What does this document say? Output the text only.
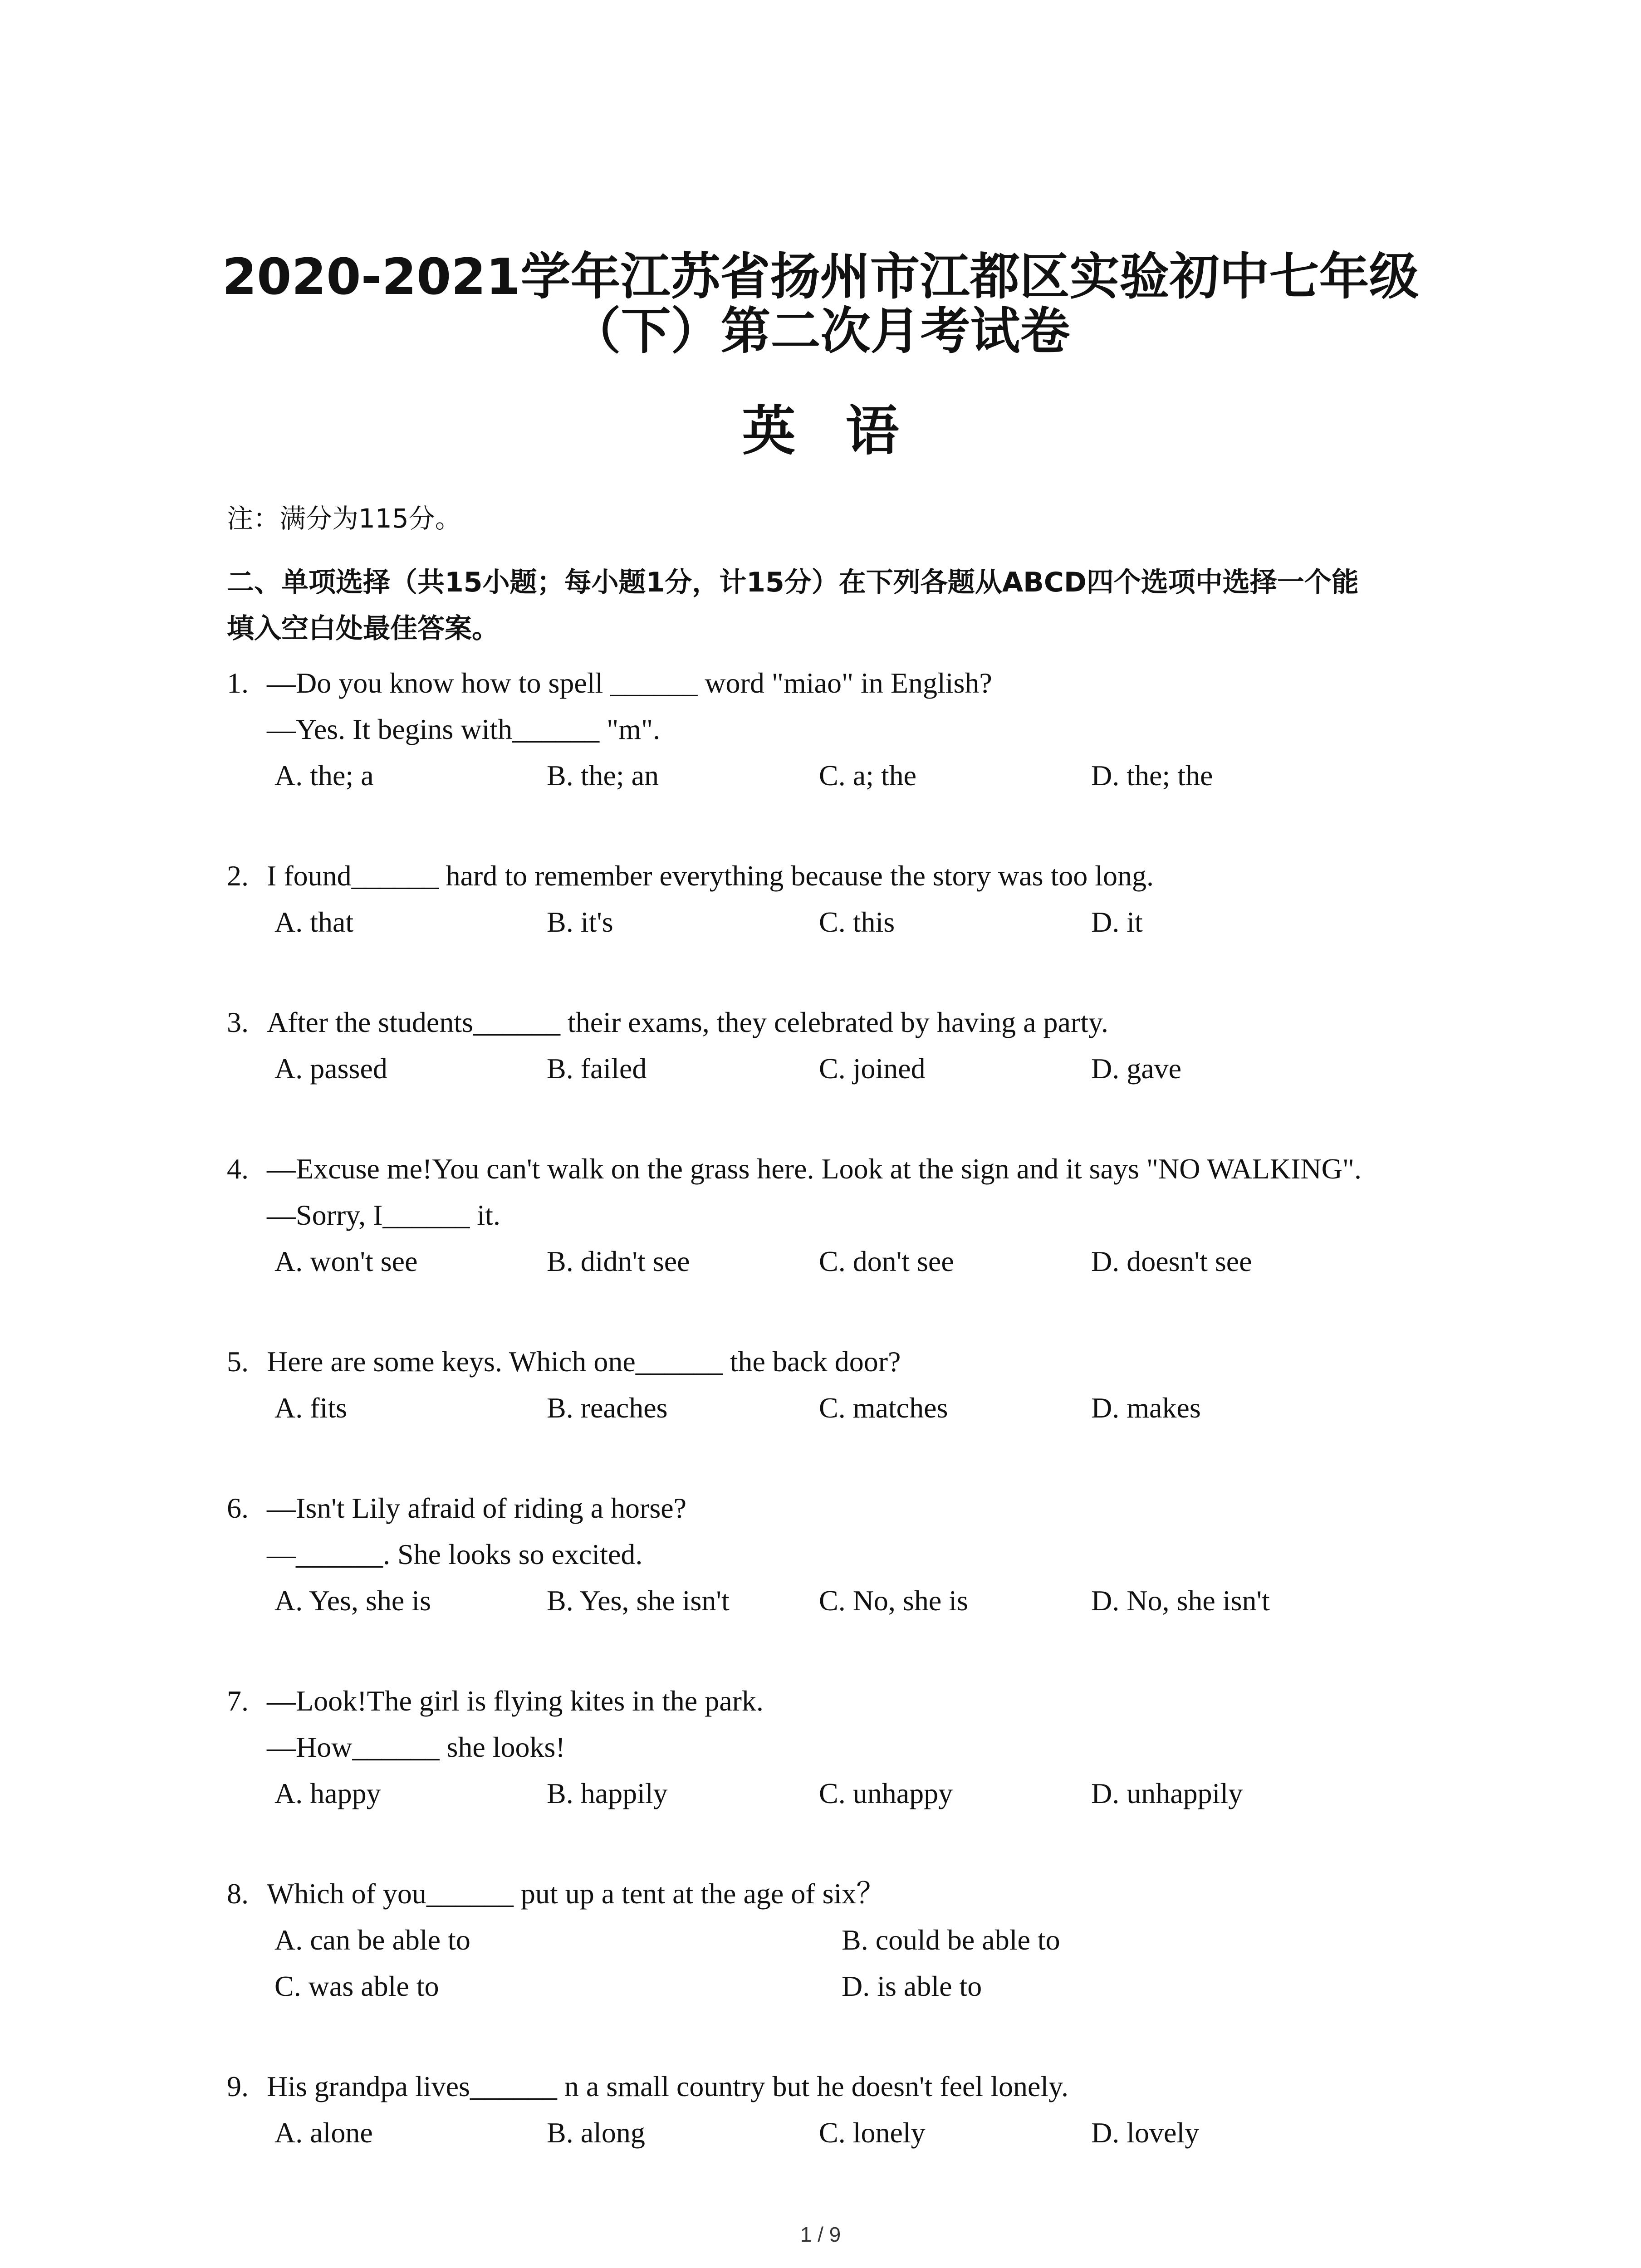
2020-2021学年江苏省扬州市江都区实验初中七年级
（下）第二次月考试卷
英语
注：满分为115分。
二、单项选择（共15小题；每小题1分，计15分）在下列各题从ABCD四个选项中选择一个能
填入空白处最佳答案。
1. —Do you know how to spell ______ word "miao" in English?
—Yes. It begins with______ "m".
A. the; a	B. the; an	C. a; the	D. the; the
2. I found______ hard to remember everything because the story was too long.
A. that	B. it's	C. this	D. it
3. After the students______ their exams, they celebrated by having a party.
A. passed	B. failed	C. joined	D. gave
4. —Excuse me!You can't walk on the grass here. Look at the sign and it says "NO WALKING".
—Sorry, I______ it.
A. won't see	B. didn't see	C. don't see	D. doesn't see
5. Here are some keys. Which one______ the back door?
A. fits	B. reaches	C. matches	D. makes
6. —Isn't Lily afraid of riding a horse?
—______. She looks so excited.
A. Yes, she is	B. Yes, she isn't	C. No, she is	D. No, she isn't
7. —Look!The girl is flying kites in the park.
—How______ she looks!
A. happy	B. happily	C. unhappy	D. unhappily
8. Which of you______ put up a tent at the age of six？
A. can be able to	B. could be able to
C. was able to	D. is able to
9. His grandpa lives______ n a small country but he doesn't feel lonely.
A. alone	B. along	C. lonely	D. lovely
1 / 9
